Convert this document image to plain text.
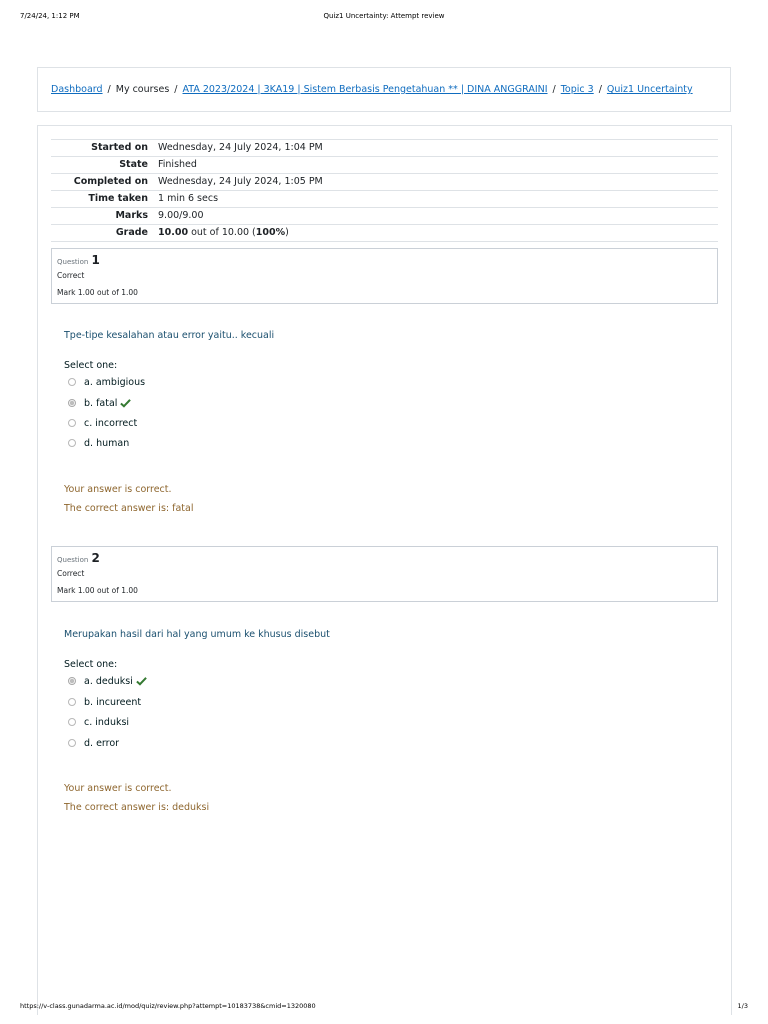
7/24/24, 1:12 PM	Quiz1 Uncertainty: Attempt review
Dashboard / My courses / ATA 2023/2024 | 3KA19 | Sistem Berbasis Pengetahuan ** | DINA ANGGRAINI / Topic 3 / Quiz1 Uncertainty
Started on	Wednesday, 24 July 2024, 1:04 PM
State	Finished
Completed on	Wednesday, 24 July 2024, 1:05 PM
Time taken	1 min 6 secs
Marks	9.00/9.00
Grade	10.00 out of 10.00 (100%)
Question 1
Correct
Mark 1.00 out of 1.00
Tpe-tipe kesalahan atau error yaitu.. kecuali
Select one:
a. ambigious
b. fatal
c. incorrect
d. human
Your answer is correct.
The correct answer is: fatal
Question 2
Correct
Mark 1.00 out of 1.00
Merupakan hasil dari hal yang umum ke khusus disebut
Select one:
a. deduksi
b. incureent
c. induksi
d. error
Your answer is correct.
The correct answer is: deduksi
https://v-class.gunadarma.ac.id/mod/quiz/review.php?attempt=10183738&cmid=1320080	1/3
